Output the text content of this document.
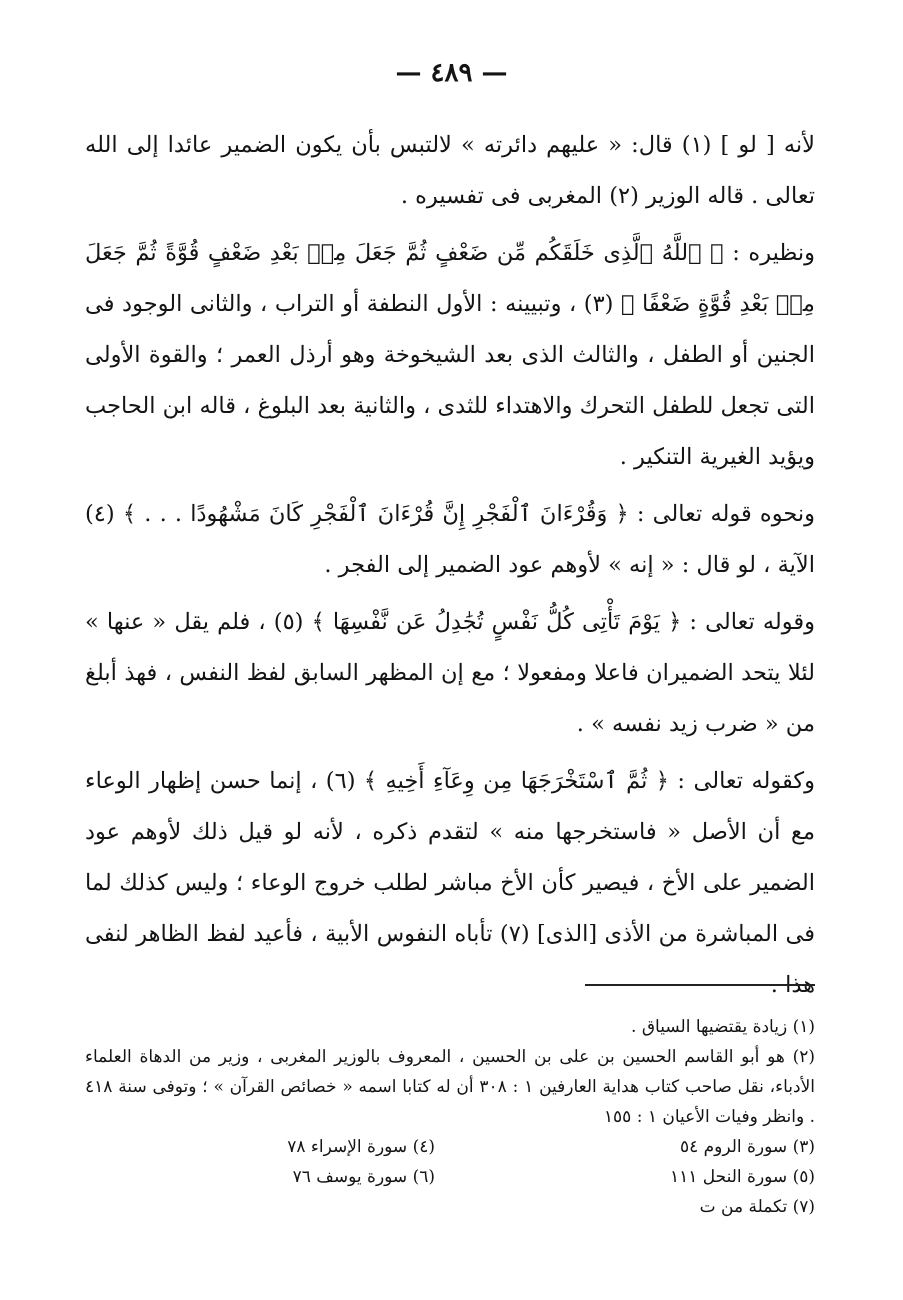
— ٤٨٩ —

لأنه [ لو ] (١) قال: « عليهم دائرته » لالتبس بأن يكون الضمير عائدا إلى الله تعالى . قاله الوزير (٢) المغربى فى تفسيره .

ونظيره : ﴿ ٱللَّهُ ٱلَّذِى خَلَقَكُم مِّن ضَعْفٍ ثُمَّ جَعَلَ مِنۢ بَعْدِ ضَعْفٍ قُوَّةً ثُمَّ جَعَلَ مِنۢ بَعْدِ قُوَّةٍ ضَعْفًا ﴾ (٣) ، وتبيينه : الأول النطفة أو التراب ، والثانى الوجود فى الجنين أو الطفل ، والثالث الذى بعد الشيخوخة وهو أرذل العمر ؛ والقوة الأولى التى تجعل للطفل التحرك والاهتداء للثدى ، والثانية بعد البلوغ ، قاله ابن الحاجب ويؤيد الغيرية التنكير .

ونحوه قوله تعالى : ﴿ وَقُرْءَانَ ٱلْفَجْرِ إِنَّ قُرْءَانَ ٱلْفَجْرِ كَانَ مَشْهُودًا . . . ﴾ (٤) الآية ، لو قال : « إنه » لأوهم عود الضمير إلى الفجر .

وقوله تعالى : ﴿ يَوْمَ تَأْتِى كُلُّ نَفْسٍ تُجَٰدِلُ عَن نَّفْسِهَا ﴾ (٥) ، فلم يقل « عنها » لئلا يتحد الضميران فاعلا ومفعولا ؛ مع إن المظهر السابق لفظ النفس ، فهذ أبلغ من « ضرب زيد نفسه » .

وكقوله تعالى : ﴿ ثُمَّ ٱسْتَخْرَجَهَا مِن وِعَآءِ أَخِيهِ ﴾ (٦) ، إنما حسن إظهار الوعاء مع أن الأصل « فاستخرجها منه » لتقدم ذكره ، لأنه لو قيل ذلك لأوهم عود الضمير على الأخ ، فيصير كأن الأخ مباشر لطلب خروج الوعاء ؛ وليس كذلك لما فى المباشرة من الأذى [الذى] (٧) تأباه النفوس الأبية ، فأعيد لفظ الظاهر لنفى هذا .

(١) زيادة يقتضيها السياق .

(٢) هو أبو القاسم الحسين بن على بن الحسين ، المعروف بالوزير المغربى ، وزير من الدهاة العلماء الأدباء، نقل صاحب كتاب هداية العارفين ١ : ٣٠٨ أن له كتابا اسمه « خصائص القرآن » ؛ وتوفى سنة ٤١٨ . وانظر وفيات الأعيان ١ : ١٥٥

(٣) سورة الروم ٥٤

(٤) سورة الإسراء ٧٨

(٥) سورة النحل ١١١

(٦) سورة يوسف ٧٦

(٧) تكملة من ت
